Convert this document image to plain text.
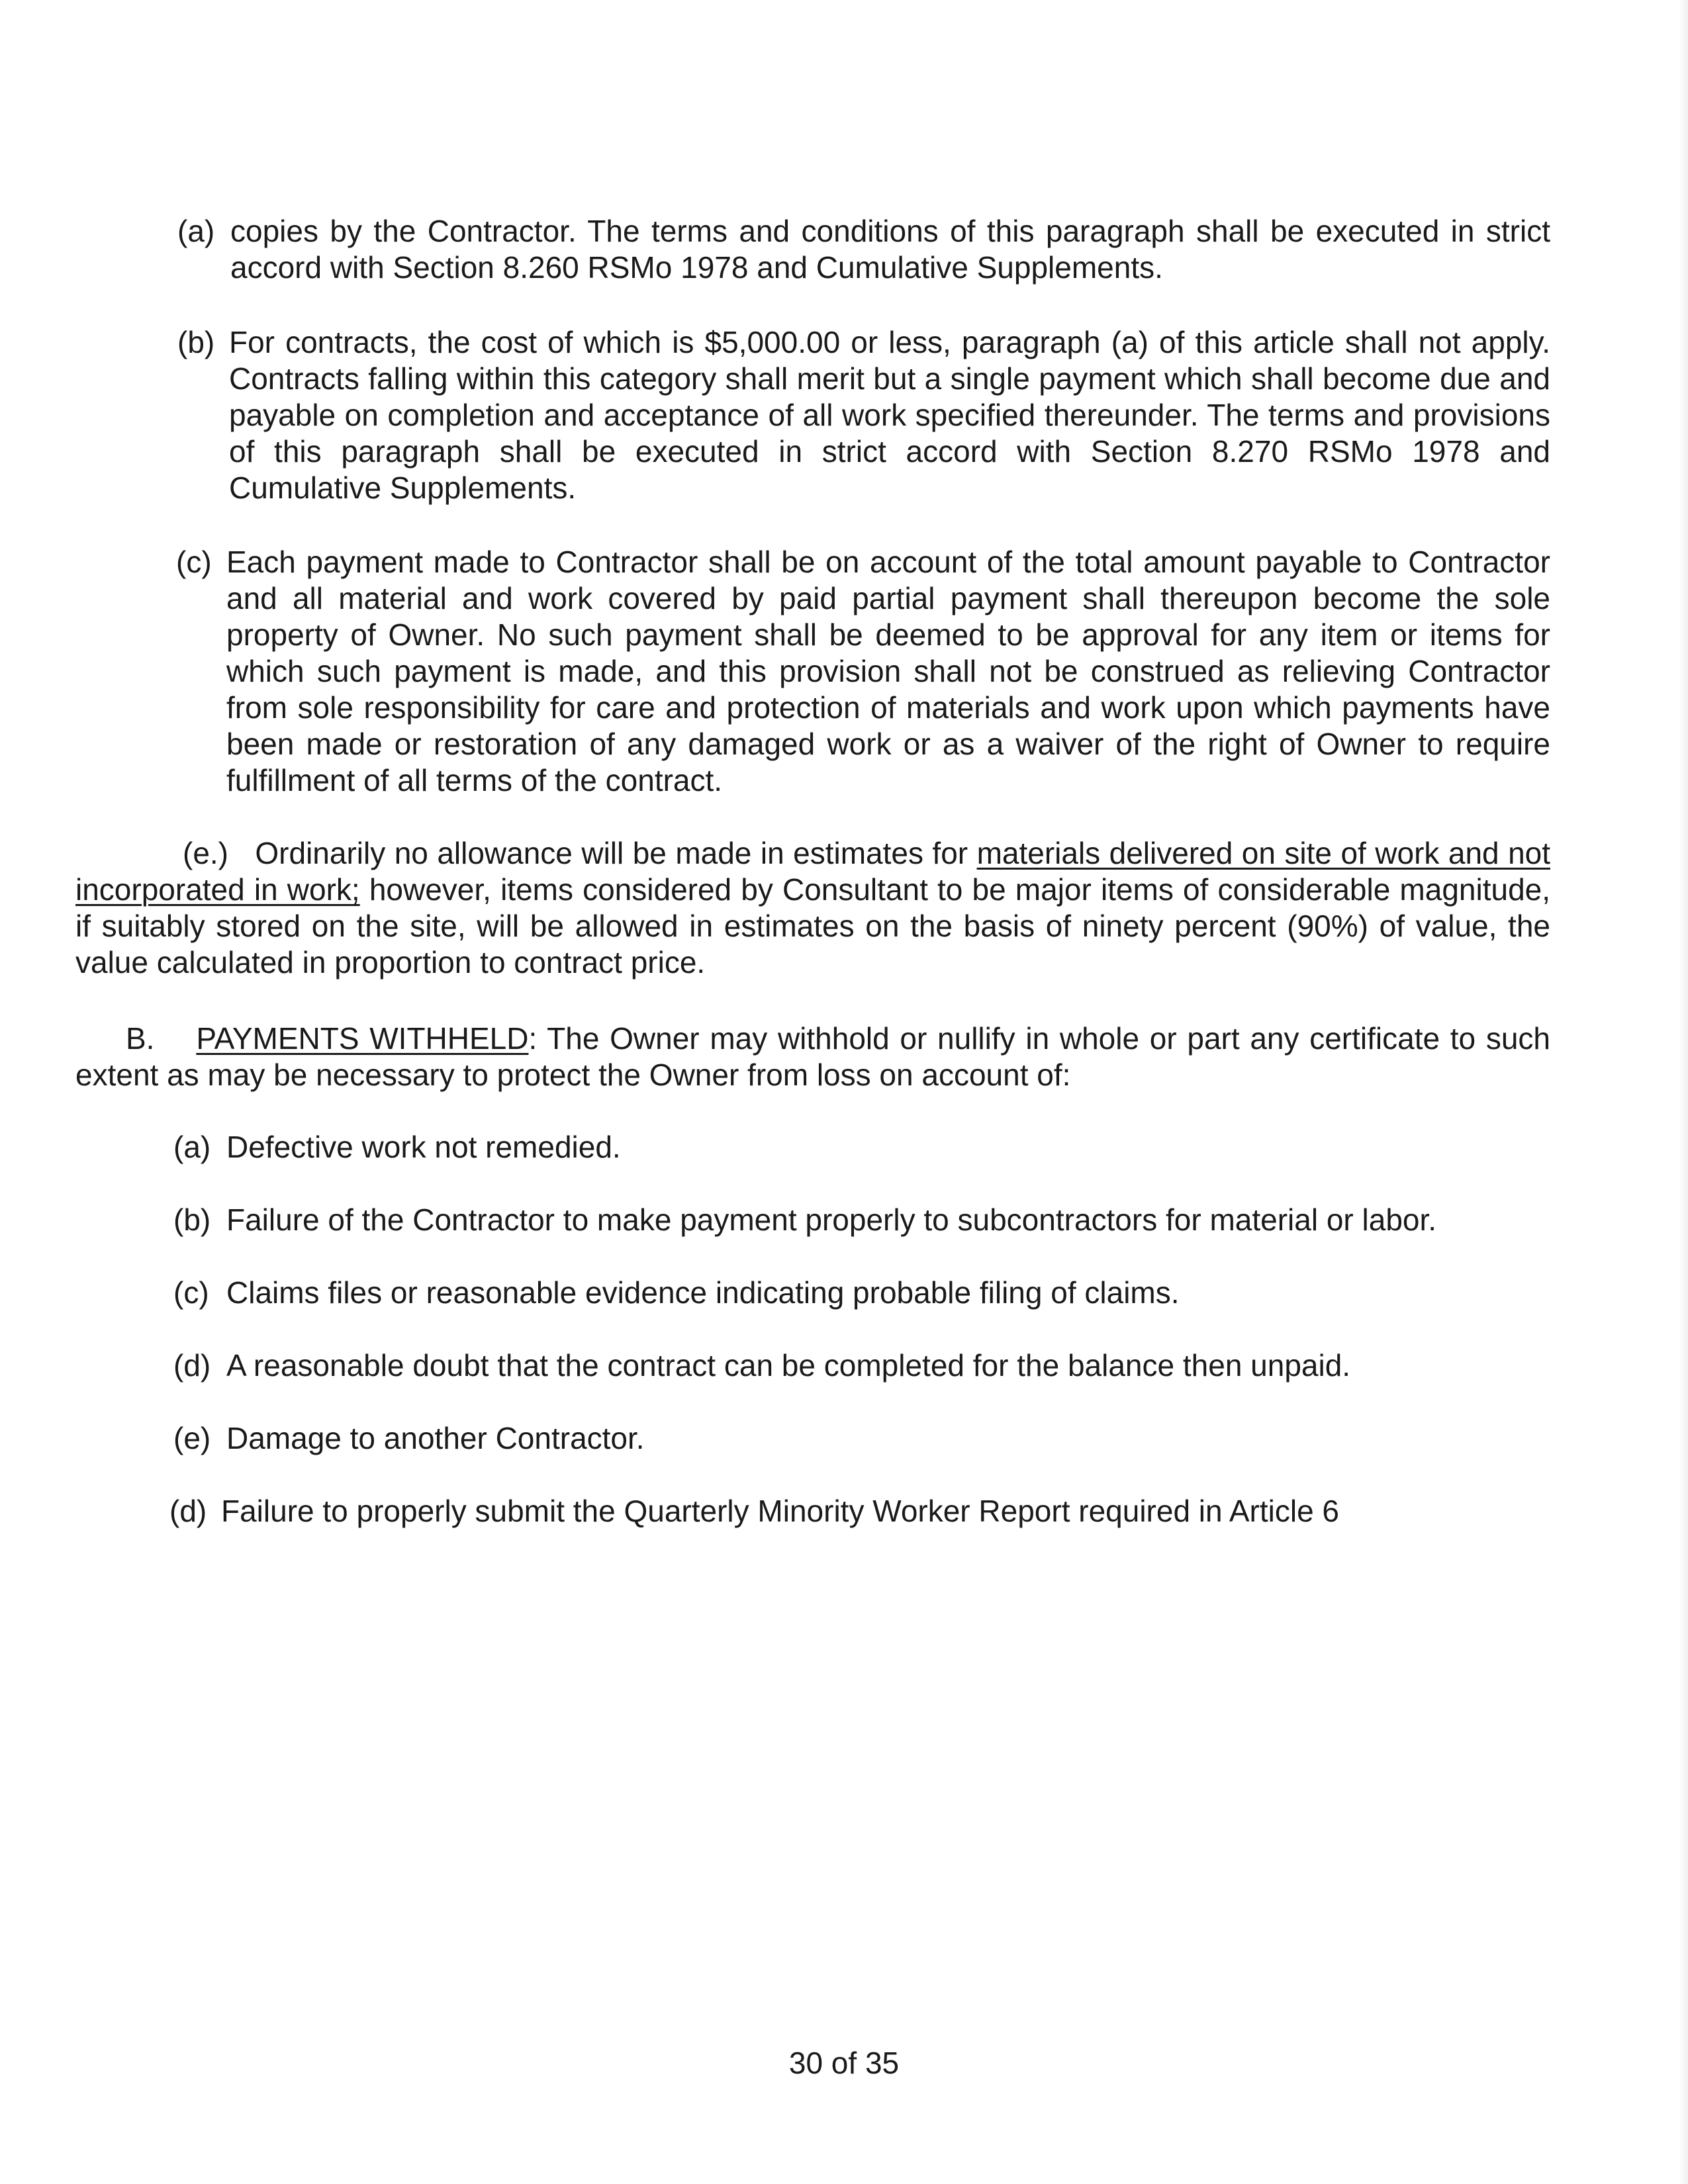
(a) copies by the Contractor. The terms and conditions of this paragraph shall be executed in strict accord with Section 8.260 RSMo 1978 and Cumulative Supplements.
(b) For contracts, the cost of which is $5,000.00 or less, paragraph (a) of this article shall not apply. Contracts falling within this category shall merit but a single payment which shall become due and payable on completion and acceptance of all work specified thereunder. The terms and provisions of this paragraph shall be executed in strict accord with Section 8.270 RSMo 1978 and Cumulative Supplements.
(c) Each payment made to Contractor shall be on account of the total amount payable to Contractor and all material and work covered by paid partial payment shall thereupon become the sole property of Owner. No such payment shall be deemed to be approval for any item or items for which such payment is made, and this provision shall not be construed as relieving Contractor from sole responsibility for care and protection of materials and work upon which payments have been made or restoration of any damaged work or as a waiver of the right of Owner to require fulfillment of all terms of the contract.
(e.) Ordinarily no allowance will be made in estimates for materials delivered on site of work and not incorporated in work; however, items considered by Consultant to be major items of considerable magnitude, if suitably stored on the site, will be allowed in estimates on the basis of ninety percent (90%) of value, the value calculated in proportion to contract price.
B. PAYMENTS WITHHELD: The Owner may withhold or nullify in whole or part any certificate to such extent as may be necessary to protect the Owner from loss on account of:
(a) Defective work not remedied.
(b) Failure of the Contractor to make payment properly to subcontractors for material or labor.
(c) Claims files or reasonable evidence indicating probable filing of claims.
(d) A reasonable doubt that the contract can be completed for the balance then unpaid.
(e) Damage to another Contractor.
(d) Failure to properly submit the Quarterly Minority Worker Report required in Article 6
30 of 35
